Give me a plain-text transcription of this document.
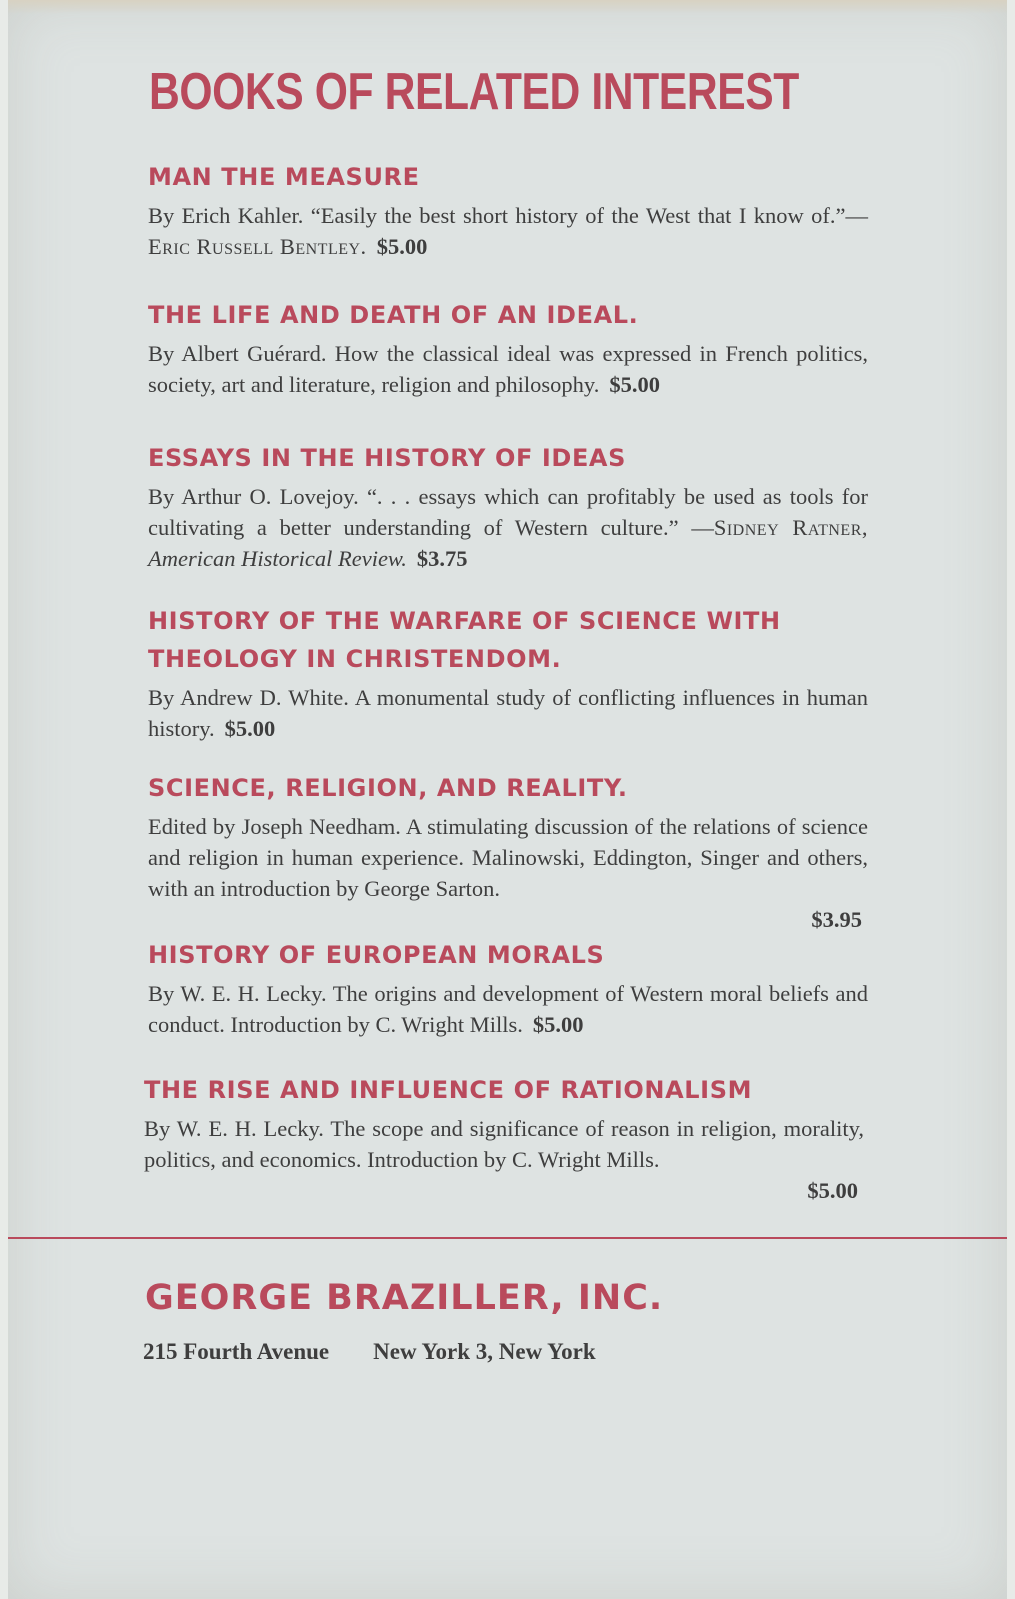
BOOKS OF RELATED INTEREST
MAN THE MEASURE

By Erich Kahler. “Easily the best short history of the West that I know of.”—Eric Russell Bentley. $5.00

THE LIFE AND DEATH OF AN IDEAL.

By Albert Guérard. How the classical ideal was expressed in French politics, society, art and literature, religion and philosophy. $5.00

ESSAYS IN THE HISTORY OF IDEAS

By Arthur O. Lovejoy. “. . . essays which can profitably be used as tools for cultivating a better understanding of Western culture.” —Sidney Ratner, American Historical Review. $3.75

HISTORY OF THE WARFARE OF SCIENCE WITH THEOLOGY IN CHRISTENDOM.

By Andrew D. White. A monumental study of conflicting influences in human history. $5.00

SCIENCE, RELIGION, AND REALITY.

Edited by Joseph Needham. A stimulating discussion of the relations of science and religion in human experience. Malinowski, Eddington, Singer and others, with an introduction by George Sarton.
$3.95

HISTORY OF EUROPEAN MORALS

By W. E. H. Lecky. The origins and development of Western moral beliefs and conduct. Introduction by C. Wright Mills. $5.00

THE RISE AND INFLUENCE OF RATIONALISM

By W. E. H. Lecky. The scope and significance of reason in religion, morality, politics, and economics. Introduction by C. Wright Mills.
$5.00

GEORGE BRAZILLER, INC.
215 Fourth Avenue New York 3, New York
